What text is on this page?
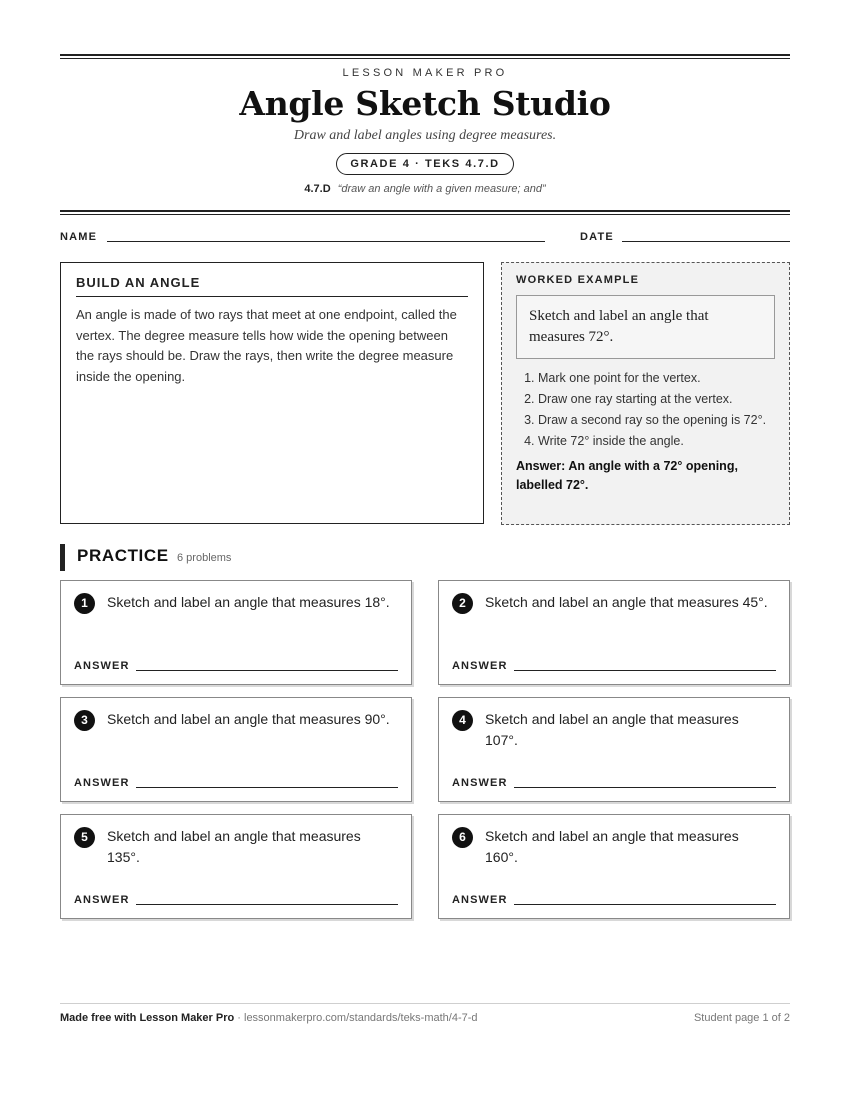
LESSON MAKER PRO
Angle Sketch Studio
Draw and label angles using degree measures.
GRADE 4 · TEKS 4.7.D
4.7.D “draw an angle with a given measure; and”
NAME	DATE
BUILD AN ANGLE
An angle is made of two rays that meet at one endpoint, called the vertex. The degree measure tells how wide the opening between the rays should be. Draw the rays, then write the degree measure inside the opening.
WORKED EXAMPLE
Sketch and label an angle that measures 72°.
1. Mark one point for the vertex.
2. Draw one ray starting at the vertex.
3. Draw a second ray so the opening is 72°.
4. Write 72° inside the angle.
Answer: An angle with a 72° opening, labelled 72°.
PRACTICE 6 problems
1	Sketch and label an angle that measures 18°.
ANSWER
2	Sketch and label an angle that measures 45°.
ANSWER
3	Sketch and label an angle that measures 90°.
ANSWER
4	Sketch and label an angle that measures 107°.
ANSWER
5	Sketch and label an angle that measures 135°.
ANSWER
6	Sketch and label an angle that measures 160°.
ANSWER
Made free with Lesson Maker Pro · lessonmakerpro.com/standards/teks-math/4-7-d	Student page 1 of 2
